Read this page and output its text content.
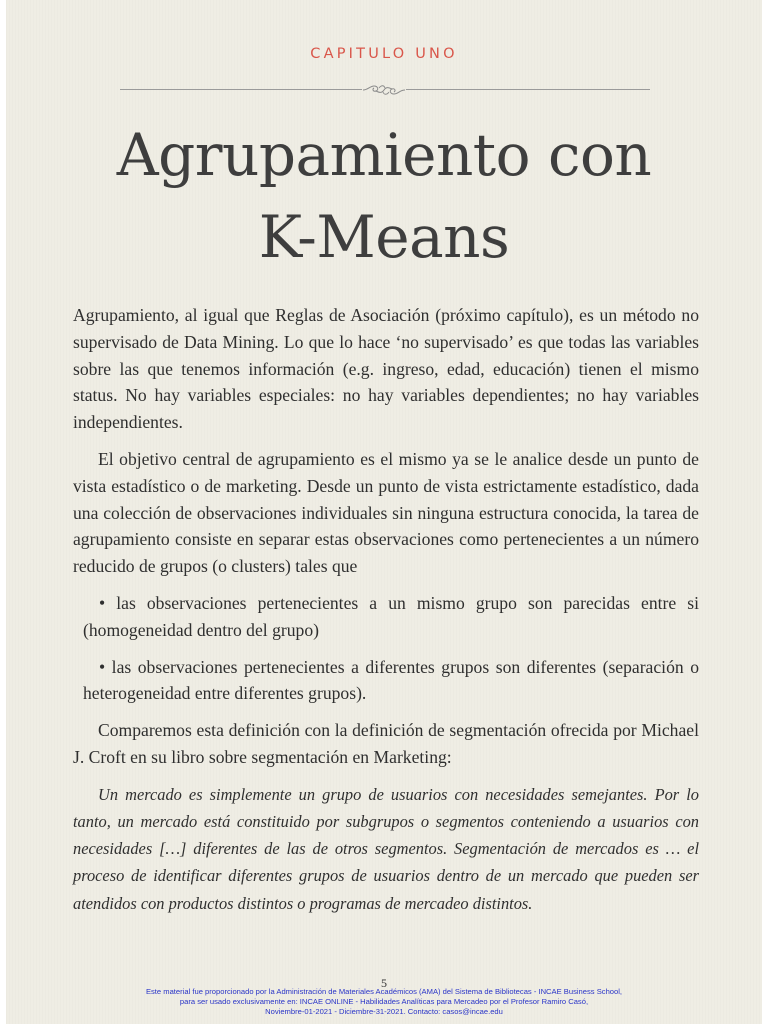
CAPITULO UNO
Agrupamiento con
K-Means

Agrupamiento, al igual que Reglas de Asociación (próximo capítulo), es un método no supervisado de Data Mining. Lo que lo hace ‘no supervisado’ es que todas las variables sobre las que tenemos información (e.g. ingreso, edad, educación) tienen el mismo status. No hay variables especiales: no hay variables dependientes; no hay variables independientes.

El objetivo central de agrupamiento es el mismo ya se le analice desde un punto de vista estadístico o de marketing. Desde un punto de vista estrictamente estadístico, dada una colección de observaciones individuales sin ninguna estructura conocida, la tarea de agrupamiento consiste en separar estas observaciones como pertenecientes a un número reducido de grupos (o clusters) tales que

• las observaciones pertenecientes a un mismo grupo son parecidas entre si (homogeneidad dentro del grupo)

• las observaciones pertenecientes a diferentes grupos son diferentes (separación o heterogeneidad entre diferentes grupos).

Comparemos esta definición con la definición de segmentación ofrecida por Michael J. Croft en su libro sobre segmentación en Marketing:

Un mercado es simplemente un grupo de usuarios con necesidades semejantes. Por lo tanto, un mercado está constituido por subgrupos o segmentos conteniendo a usuarios con necesidades […] diferentes de las de otros segmentos. Segmentación de mercados es … el proceso de identificar diferentes grupos de usuarios dentro de un mercado que pueden ser atendidos con productos distintos o programas de mercadeo distintos.

5
Este material fue proporcionado por la Administración de Materiales Académicos (AMA) del Sistema de Bibliotecas - INCAE Business School,
para ser usado exclusivamente en: INCAE ONLINE - Habilidades Analíticas para Mercadeo por el Profesor Ramiro Casó,
Noviembre-01-2021 - Diciembre-31-2021. Contacto: casos@incae.edu
